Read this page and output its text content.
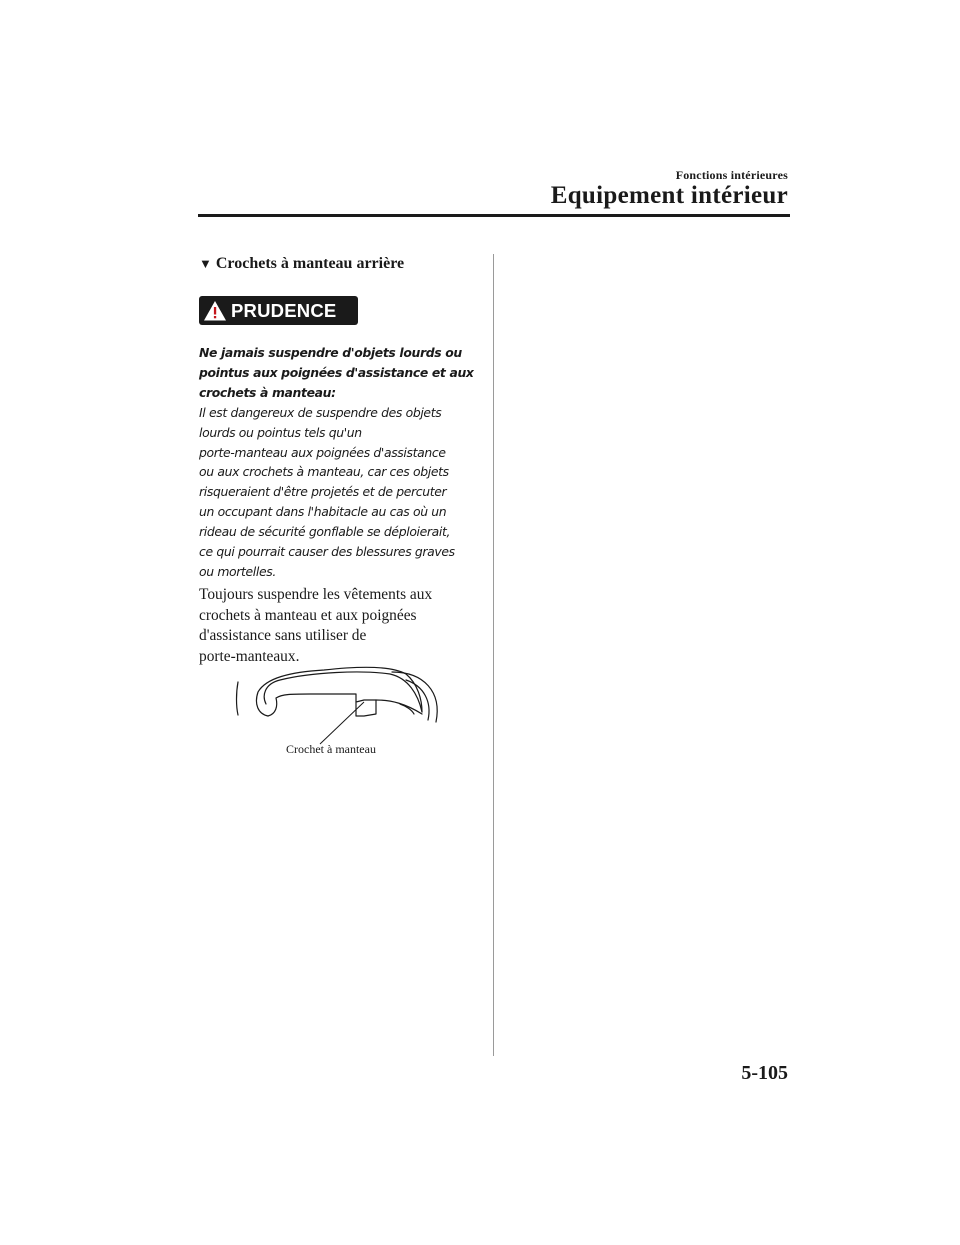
Fonctions intérieures
Equipement intérieur
▼ Crochets à manteau arrière
PRUDENCE

Ne jamais suspendre d'objets lourds ou
pointus aux poignées d'assistance et aux
crochets à manteau:

Il est dangereux de suspendre des objets
lourds ou pointus tels qu'un
porte-manteau aux poignées d'assistance
ou aux crochets à manteau, car ces objets
risqueraient d'être projetés et de percuter
un occupant dans l'habitacle au cas où un
rideau de sécurité gonflable se déploierait,
ce qui pourrait causer des blessures graves
ou mortelles.

Toujours suspendre les vêtements aux
crochets à manteau et aux poignées
d'assistance sans utiliser de
porte-manteaux.
Crochet à manteau
5-105
